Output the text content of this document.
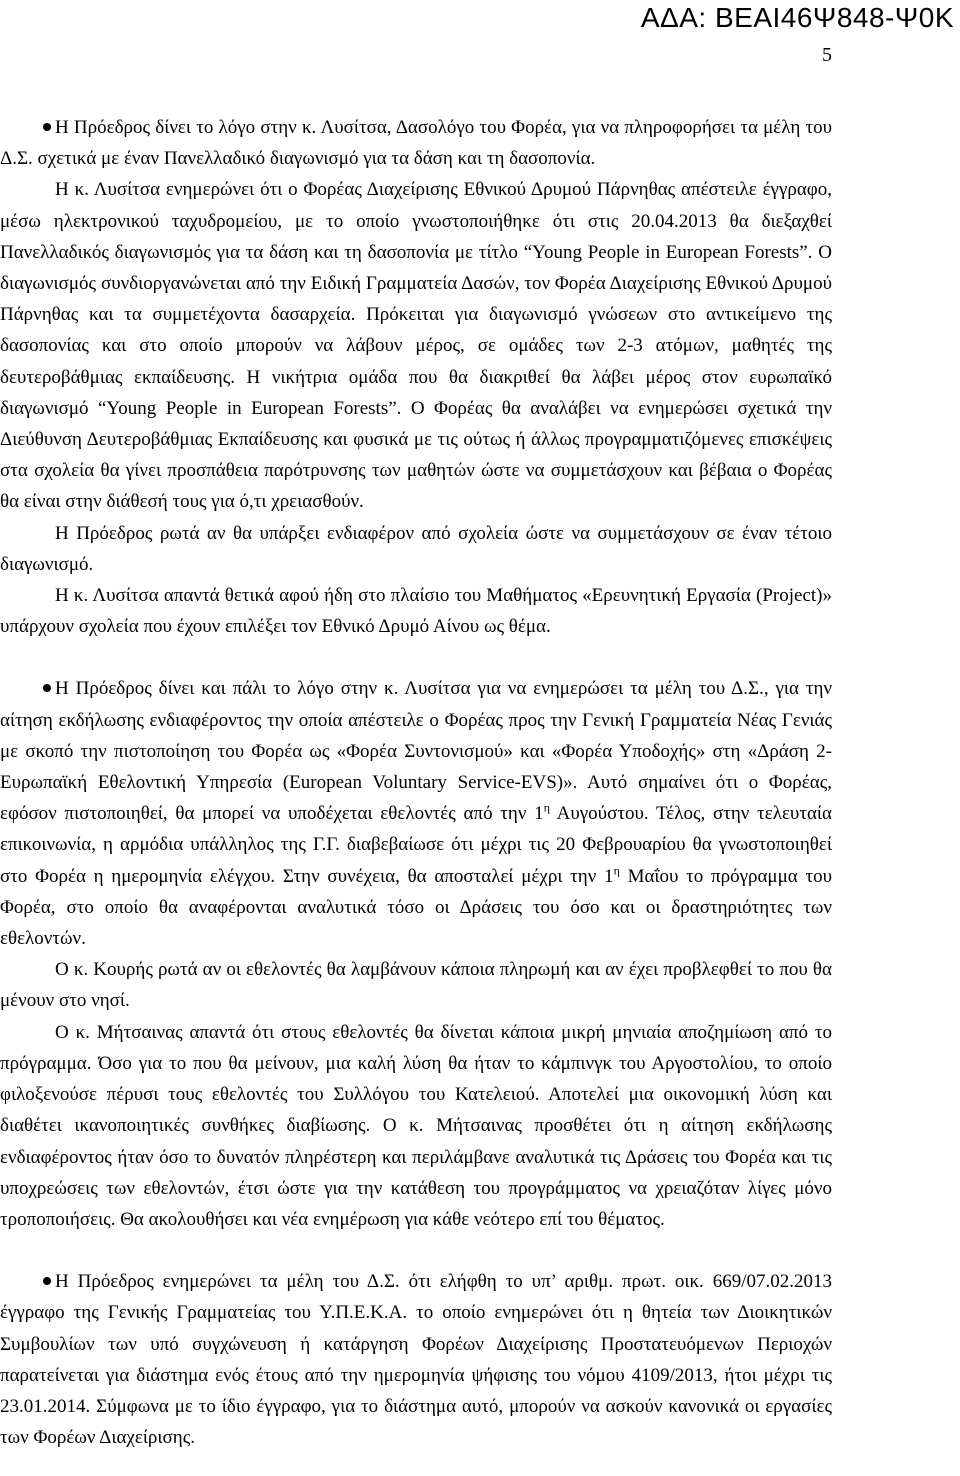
ΑΔΑ: ΒΕΑΙ46Ψ848-Ψ0Κ
5

Η Πρόεδρος δίνει το λόγο στην κ. Λυσίτσα, Δασολόγο του Φορέα, για να πληροφορήσει τα μέλη του Δ.Σ. σχετικά με έναν Πανελλαδικό διαγωνισμό για τα δάση και τη δασοπονία.

Η κ. Λυσίτσα ενημερώνει ότι ο Φορέας Διαχείρισης Εθνικού Δρυμού Πάρνηθας απέστειλε έγγραφο, μέσω ηλεκτρονικού ταχυδρομείου, με το οποίο γνωστοποιήθηκε ότι στις 20.04.2013 θα διεξαχθεί Πανελλαδικός διαγωνισμός για τα δάση και τη δασοπονία με τίτλο “Young People in European Forests”. Ο διαγωνισμός συνδιοργανώνεται από την Ειδική Γραμματεία Δασών, τον Φορέα Διαχείρισης Εθνικού Δρυμού Πάρνηθας και τα συμμετέχοντα δασαρχεία. Πρόκειται για διαγωνισμό γνώσεων στο αντικείμενο της δασοπονίας και στο οποίο μπορούν να λάβουν μέρος, σε ομάδες των 2-3 ατόμων, μαθητές της δευτεροβάθμιας εκπαίδευσης. Η νικήτρια ομάδα που θα διακριθεί θα λάβει μέρος στον ευρωπαϊκό διαγωνισμό “Young People in European Forests”. Ο Φορέας θα αναλάβει να ενημερώσει σχετικά την Διεύθυνση Δευτεροβάθμιας Εκπαίδευσης και φυσικά με τις ούτως ή άλλως προγραμματιζόμενες επισκέψεις στα σχολεία θα γίνει προσπάθεια παρότρυνσης των μαθητών ώστε να συμμετάσχουν και βέβαια ο Φορέας θα είναι στην διάθεσή τους για ό,τι χρειασθούν.

Η Πρόεδρος ρωτά αν θα υπάρξει ενδιαφέρον από σχολεία ώστε να συμμετάσχουν σε έναν τέτοιο διαγωνισμό.

Η κ. Λυσίτσα απαντά θετικά αφού ήδη στο πλαίσιο του Μαθήματος «Ερευνητική Εργασία (Project)» υπάρχουν σχολεία που έχουν επιλέξει τον Εθνικό Δρυμό Αίνου ως θέμα.

Η Πρόεδρος δίνει και πάλι το λόγο στην κ. Λυσίτσα για να ενημερώσει τα μέλη του Δ.Σ., για την αίτηση εκδήλωσης ενδιαφέροντος την οποία απέστειλε ο Φορέας προς την Γενική Γραμματεία Νέας Γενιάς με σκοπό την πιστοποίηση του Φορέα ως «Φορέα Συντονισμού» και «Φορέα Υποδοχής» στη «Δράση 2-Ευρωπαϊκή Εθελοντική Υπηρεσία (European Voluntary Service-EVS)». Αυτό σημαίνει ότι ο Φορέας, εφόσον πιστοποιηθεί, θα μπορεί να υποδέχεται εθελοντές από την $1^\eta$ Αυγούστου. Τέλος, στην τελευταία επικοινωνία, η αρμόδια υπάλληλος της Γ.Γ. διαβεβαίωσε ότι μέχρι τις 20 Φεβρουαρίου θα γνωστοποιηθεί στο Φορέα η ημερομηνία ελέγχου. Στην συνέχεια, θα αποσταλεί μέχρι την $1^\eta$ Μαΐου το πρόγραμμα του Φορέα, στο οποίο θα αναφέρονται αναλυτικά τόσο οι Δράσεις του όσο και οι δραστηριότητες των εθελοντών.

Ο κ. Κουρής ρωτά αν οι εθελοντές θα λαμβάνουν κάποια πληρωμή και αν έχει προβλεφθεί το που θα μένουν στο νησί.

Ο κ. Μήτσαινας απαντά ότι στους εθελοντές θα δίνεται κάποια μικρή μηνιαία αποζημίωση από το πρόγραμμα. Όσο για το που θα μείνουν, μια καλή λύση θα ήταν το κάμπινγκ του Αργοστολίου, το οποίο φιλοξενούσε πέρυσι τους εθελοντές του Συλλόγου του Κατελειού. Αποτελεί μια οικονομική λύση και διαθέτει ικανοποιητικές συνθήκες διαβίωσης. Ο κ. Μήτσαινας προσθέτει ότι η αίτηση εκδήλωσης ενδιαφέροντος ήταν όσο το δυνατόν πληρέστερη και περιλάμβανε αναλυτικά τις Δράσεις του Φορέα και τις υποχρεώσεις των εθελοντών, έτσι ώστε για την κατάθεση του προγράμματος να χρειαζόταν λίγες μόνο τροποποιήσεις. Θα ακολουθήσει και νέα ενημέρωση για κάθε νεότερο επί του θέματος.

Η Πρόεδρος ενημερώνει τα μέλη του Δ.Σ. ότι ελήφθη το υπ’ αριθμ. πρωτ. οικ. 669/07.02.2013 έγγραφο της Γενικής Γραμματείας του Υ.Π.Ε.Κ.Α. το οποίο ενημερώνει ότι η θητεία των Διοικητικών Συμβουλίων των υπό συγχώνευση ή κατάργηση Φορέων Διαχείρισης Προστατευόμενων Περιοχών παρατείνεται για διάστημα ενός έτους από την ημερομηνία ψήφισης του νόμου 4109/2013, ήτοι μέχρι τις 23.01.2014. Σύμφωνα με το ίδιο έγγραφο, για το διάστημα αυτό, μπορούν να ασκούν κανονικά οι εργασίες των Φορέων Διαχείρισης.
